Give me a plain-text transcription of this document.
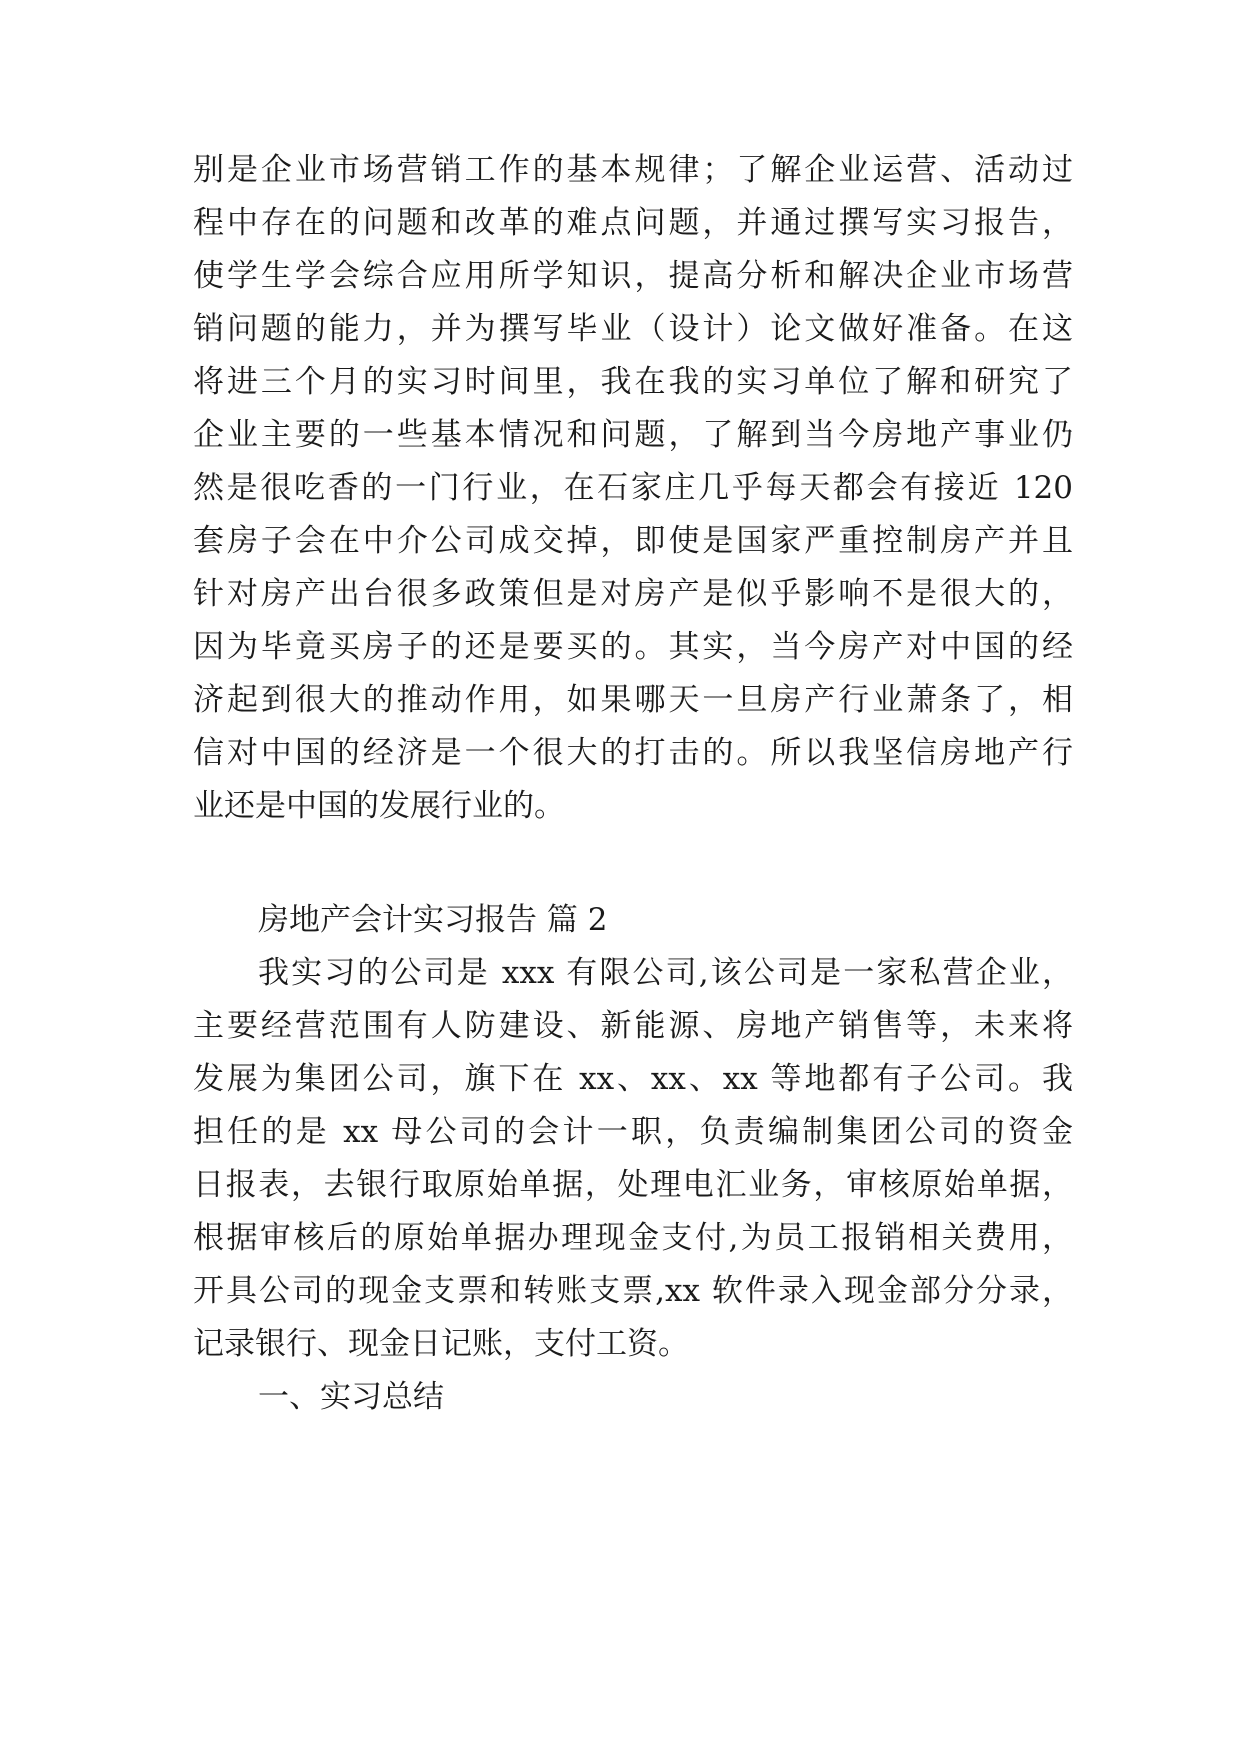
别是企业市场营销工作的基本规律；了解企业运营、活动过
程中存在的问题和改革的难点问题，并通过撰写实习报告，
使学生学会综合应用所学知识，提高分析和解决企业市场营
销问题的能力，并为撰写毕业（设计）论文做好准备。在这
将进三个月的实习时间里，我在我的实习单位了解和研究了
企业主要的一些基本情况和问题，了解到当今房地产事业仍
然是很吃香的一门行业，在石家庄几乎每天都会有接近 120
套房子会在中介公司成交掉，即使是国家严重控制房产并且
针对房产出台很多政策但是对房产是似乎影响不是很大的，
因为毕竟买房子的还是要买的。其实，当今房产对中国的经
济起到很大的推动作用，如果哪天一旦房产行业萧条了，相
信对中国的经济是一个很大的打击的。所以我坚信房地产行
业还是中国的发展行业的。
房地产会计实习报告 篇 2
我实习的公司是 xxx 有限公司,该公司是一家私营企业，
主要经营范围有人防建设、新能源、房地产销售等，未来将
发展为集团公司，旗下在 xx、xx、xx 等地都有子公司。我
担任的是 xx 母公司的会计一职，负责编制集团公司的资金
日报表，去银行取原始单据，处理电汇业务，审核原始单据，
根据审核后的原始单据办理现金支付,为员工报销相关费用，
开具公司的现金支票和转账支票,xx 软件录入现金部分分录，
记录银行、现金日记账，支付工资。
一、实习总结
